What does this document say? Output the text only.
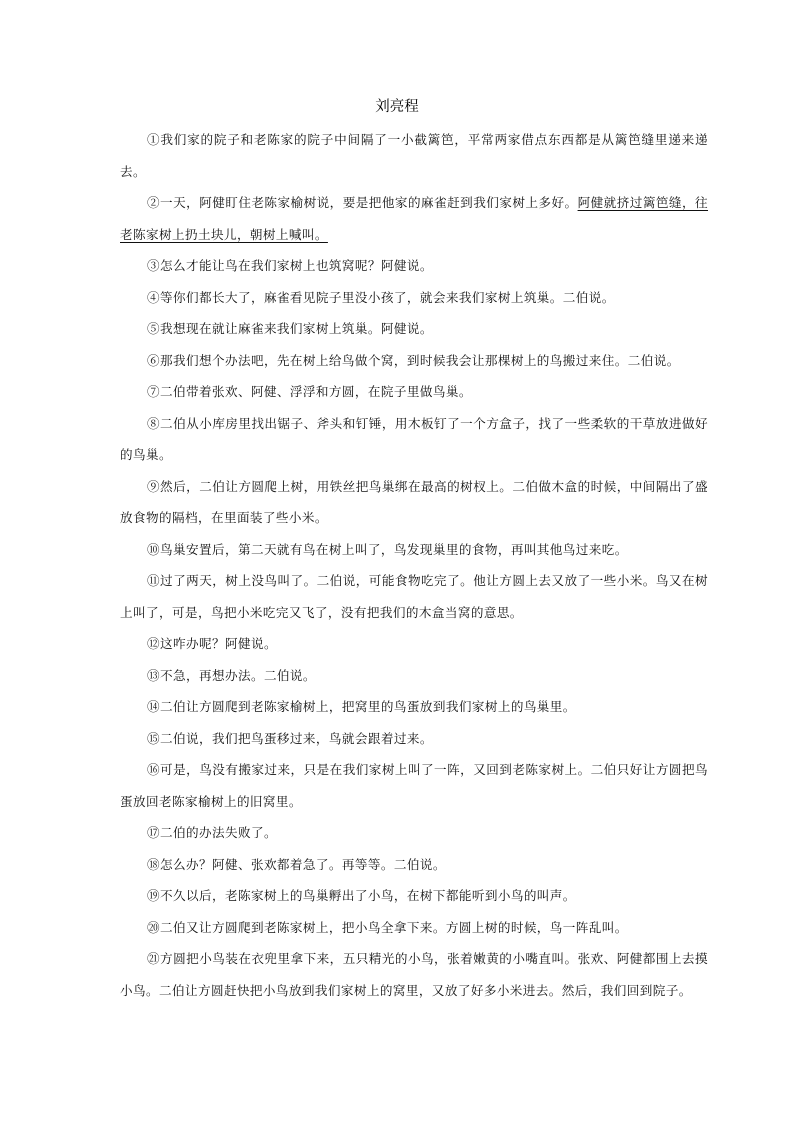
刘亮程

①我们家的院子和老陈家的院子中间隔了一小截篱笆，平常两家借点东西都是从篱笆缝里递来递去。

②一天，阿健盯住老陈家榆树说，要是把他家的麻雀赶到我们家树上多好。阿健就挤过篱笆缝，往老陈家树上扔土块儿，朝树上喊叫。

③怎么才能让鸟在我们家树上也筑窝呢？阿健说。

④等你们都长大了，麻雀看见院子里没小孩了，就会来我们家树上筑巢。二伯说。

⑤我想现在就让麻雀来我们家树上筑巢。阿健说。

⑥那我们想个办法吧，先在树上给鸟做个窝，到时候我会让那棵树上的鸟搬过来住。二伯说。

⑦二伯带着张欢、阿健、浮浮和方圆，在院子里做鸟巢。

⑧二伯从小库房里找出锯子、斧头和钉锤，用木板钉了一个方盒子，找了一些柔软的干草放进做好的鸟巢。

⑨然后，二伯让方圆爬上树，用铁丝把鸟巢绑在最高的树杈上。二伯做木盒的时候，中间隔出了盛放食物的隔档，在里面装了些小米。

⑩鸟巢安置后，第二天就有鸟在树上叫了，鸟发现巢里的食物，再叫其他鸟过来吃。

⑪过了两天，树上没鸟叫了。二伯说，可能食物吃完了。他让方圆上去又放了一些小米。鸟又在树上叫了，可是，鸟把小米吃完又飞了，没有把我们的木盒当窝的意思。

⑫这咋办呢？阿健说。

⑬不急，再想办法。二伯说。

⑭二伯让方圆爬到老陈家榆树上，把窝里的鸟蛋放到我们家树上的鸟巢里。

⑮二伯说，我们把鸟蛋移过来，鸟就会跟着过来。

⑯可是，鸟没有搬家过来，只是在我们家树上叫了一阵，又回到老陈家树上。二伯只好让方圆把鸟蛋放回老陈家榆树上的旧窝里。

⑰二伯的办法失败了。

⑱怎么办？阿健、张欢都着急了。再等等。二伯说。

⑲不久以后，老陈家树上的鸟巢孵出了小鸟，在树下都能听到小鸟的叫声。

⑳二伯又让方圆爬到老陈家树上，把小鸟全拿下来。方圆上树的时候，鸟一阵乱叫。

㉑方圆把小鸟装在衣兜里拿下来，五只精光的小鸟，张着嫩黄的小嘴直叫。张欢、阿健都围上去摸小鸟。二伯让方圆赶快把小鸟放到我们家树上的窝里，又放了好多小米进去。然后，我们回到院子。
